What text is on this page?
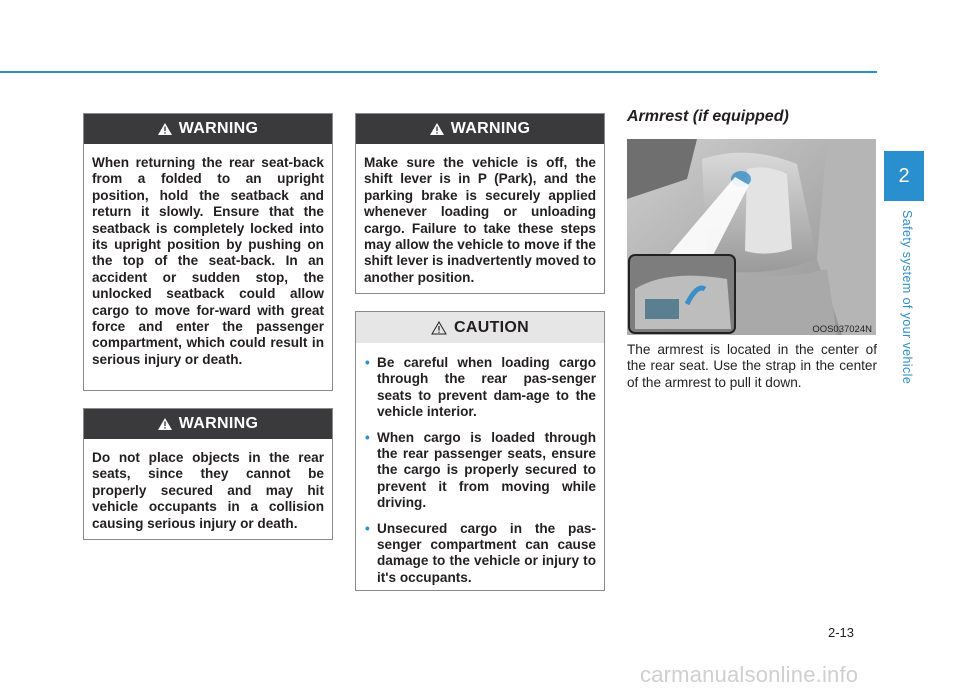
WARNING
When returning the rear seat-back from a folded to an upright position, hold the seatback and return it slowly. Ensure that the seatback is completely locked into its upright position by pushing on the top of the seat-back. In an accident or sudden stop, the unlocked seatback could allow cargo to move for-ward with great force and enter the passenger compartment, which could result in serious injury or death.
WARNING
Do not place objects in the rear seats, since they cannot be properly secured and may hit vehicle occupants in a collision causing serious injury or death.
WARNING
Make sure the vehicle is off, the shift lever is in P (Park), and the parking brake is securely applied whenever loading or unloading cargo. Failure to take these steps may allow the vehicle to move if the shift lever is inadvertently moved to another position.
CAUTION
• Be careful when loading cargo through the rear pas-senger seats to prevent dam-age to the vehicle interior.
• When cargo is loaded through the rear passenger seats, ensure the cargo is properly secured to prevent it from moving while driving.
• Unsecured cargo in the pas-senger compartment can cause damage to the vehicle or injury to it's occupants.
Armrest (if equipped)
OOS037024N
The armrest is located in the center of the rear seat. Use the strap in the center of the armrest to pull it down.
2
Safety system of your vehicle
2-13
carmanualsonline.info
